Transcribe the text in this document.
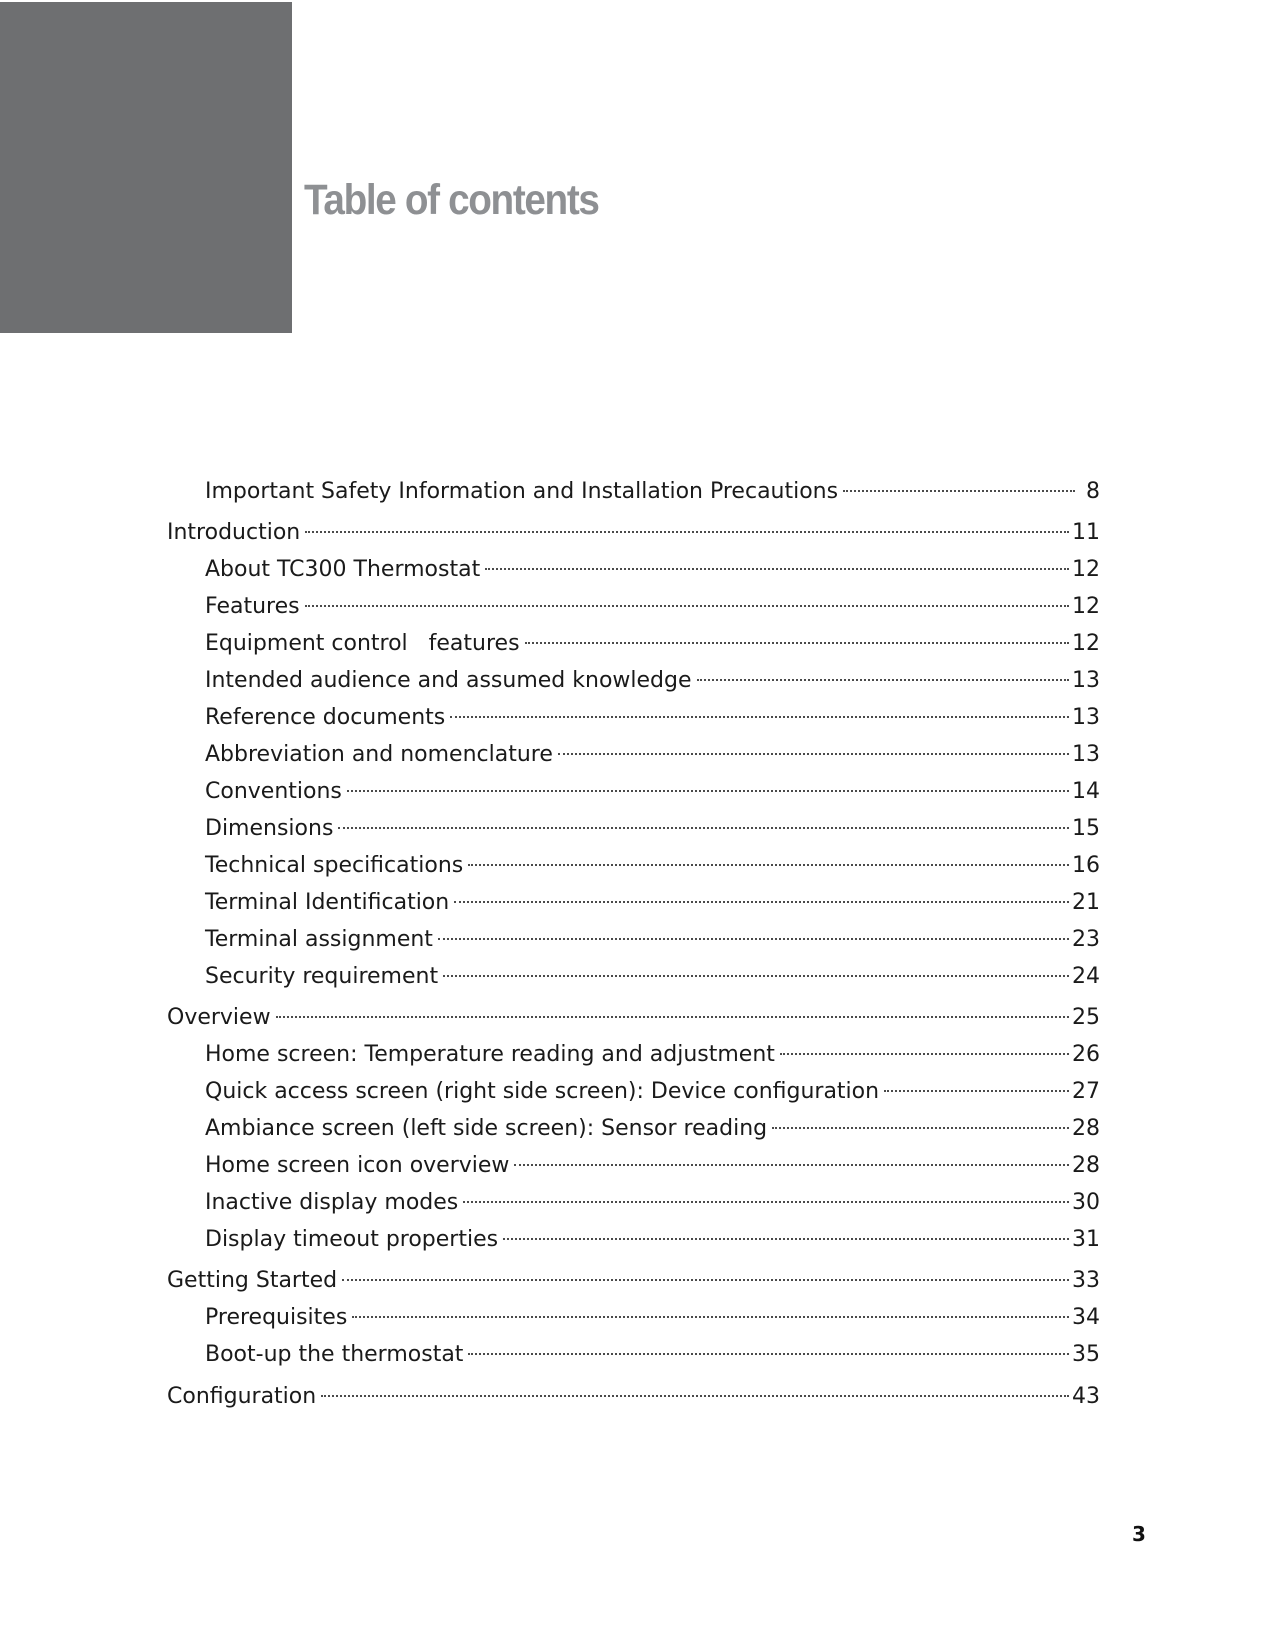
Table of contents
Important Safety Information and Installation Precautions	8
Introduction	11
About TC300 Thermostat	12
Features	12
Equipment control   features	12
Intended audience and assumed knowledge	13
Reference documents	13
Abbreviation and nomenclature	13
Conventions	14
Dimensions	15
Technical specifications	16
Terminal Identification	21
Terminal assignment	23
Security requirement	24
Overview	25
Home screen: Temperature reading and adjustment	26
Quick access screen (right side screen): Device configuration	27
Ambiance screen (left side screen): Sensor reading	28
Home screen icon overview	28
Inactive display modes	30
Display timeout properties	31
Getting Started	33
Prerequisites	34
Boot-up the thermostat	35
Configuration	43
3
